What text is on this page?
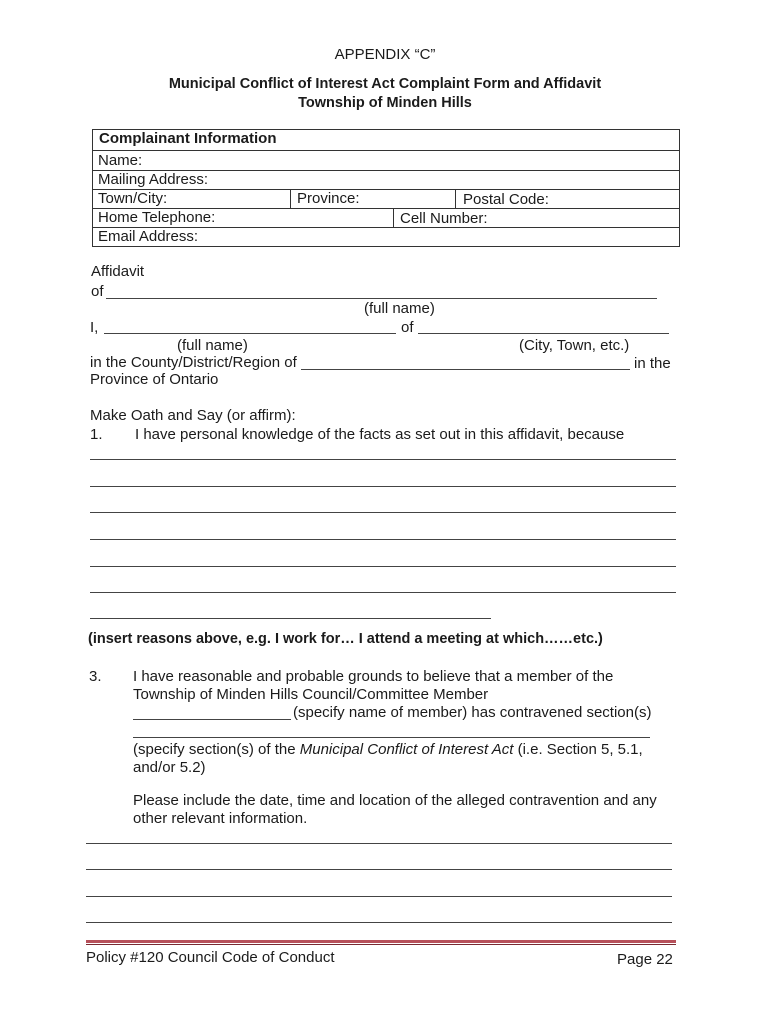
APPENDIX “C”
Municipal Conflict of Interest Act Complaint Form and Affidavit
Township of Minden Hills
Complainant Information
Name:
Mailing Address:
Town/City:	Province:	Postal Code:
Home Telephone:	Cell Number:
Email Address:
Affidavit
of
(full name)
I,	of
(full name)	(City, Town, etc.)
in the County/District/Region of	in the
Province of Ontario
Make Oath and Say (or affirm):
1. I have personal knowledge of the facts as set out in this affidavit, because
(insert reasons above, e.g. I work for… I attend a meeting at which……etc.)
3. I have reasonable and probable grounds to believe that a member of the
Township of Minden Hills Council/Committee Member
(specify name of member) has contravened section(s)
(specify section(s) of the Municipal Conflict of Interest Act (i.e. Section 5, 5.1,
and/or 5.2)
Please include the date, time and location of the alleged contravention and any
other relevant information.
Policy #120 Council Code of Conduct	Page 22
